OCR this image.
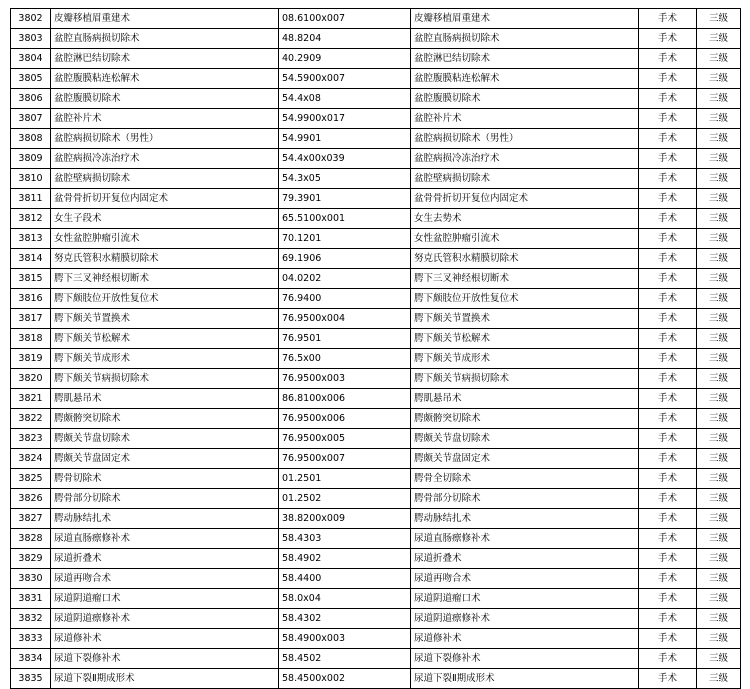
3802	皮瓣移植眉重建术	08.6100x007	皮瓣移植眉重建术	手术	三级
3803	盆腔直肠病损切除术	48.8204	盆腔直肠病损切除术	手术	三级
3804	盆腔淋巴结切除术	40.2909	盆腔淋巴结切除术	手术	三级
3805	盆腔腹膜粘连松解术	54.5900x007	盆腔腹膜粘连松解术	手术	三级
3806	盆腔腹膜切除术	54.4x08	盆腔腹膜切除术	手术	三级
3807	盆腔补片术	54.9900x017	盆腔补片术	手术	三级
3808	盆腔病损切除术（男性）	54.9901	盆腔病损切除术（男性）	手术	三级
3809	盆腔病损冷冻治疗术	54.4x00x039	盆腔病损冷冻治疗术	手术	三级
3810	盆腔壁病损切除术	54.3x05	盆腔壁病损切除术	手术	三级
3811	盆骨骨折切开复位内固定术	79.3901	盆骨骨折切开复位内固定术	手术	三级
3812	女生子段术	65.5100x001	女生去势术	手术	三级
3813	女性盆腔肿瘤引流术	70.1201	女性盆腔肿瘤引流术	手术	三级
3814	努克氏管积水精膜切除术	69.1906	努克氏管积水精膜切除术	手术	三级
3815	腭下三叉神经根切断术	04.0202	腭下三叉神经根切断术	手术	三级
3816	腭下颇肢位开放性复位术	76.9400	腭下颇肢位开放性复位术	手术	三级
3817	腭下颇关节置换术	76.9500x004	腭下颇关节置换术	手术	三级
3818	腭下颇关节松解术	76.9501	腭下颇关节松解术	手术	三级
3819	腭下颇关节成形术	76.5x00	腭下颇关节成形术	手术	三级
3820	腭下颇关节病损切除术	76.9500x003	腭下颇关节病损切除术	手术	三级
3821	腭肌悬吊术	86.8100x006	腭肌悬吊术	手术	三级
3822	腭颇骻突切除术	76.9500x006	腭颇骻突切除术	手术	三级
3823	腭颇关节盘切除术	76.9500x005	腭颇关节盘切除术	手术	三级
3824	腭颇关节盘固定术	76.9500x007	腭颇关节盘固定术	手术	三级
3825	腭骨切除术	01.2501	腭骨全切除术	手术	三级
3826	腭骨部分切除术	01.2502	腭骨部分切除术	手术	三级
3827	腭动脉结扎术	38.8200x009	腭动脉结扎术	手术	三级
3828	尿道直肠瘭修补术	58.4303	尿道直肠瘭修补术	手术	三级
3829	尿道折叠术	58.4902	尿道折叠术	手术	三级
3830	尿道再吻合术	58.4400	尿道再吻合术	手术	三级
3831	尿道阴道瘤口术	58.0x04	尿道阴道瘤口术	手术	三级
3832	尿道阴道瘭修补术	58.4302	尿道阴道瘭修补术	手术	三级
3833	尿道修补术	58.4900x003	尿道修补术	手术	三级
3834	尿道下裂修补术	58.4502	尿道下裂修补术	手术	三级
3835	尿道下裂Ⅱ期成形术	58.4500x002	尿道下裂Ⅱ期成形术	手术	三级
